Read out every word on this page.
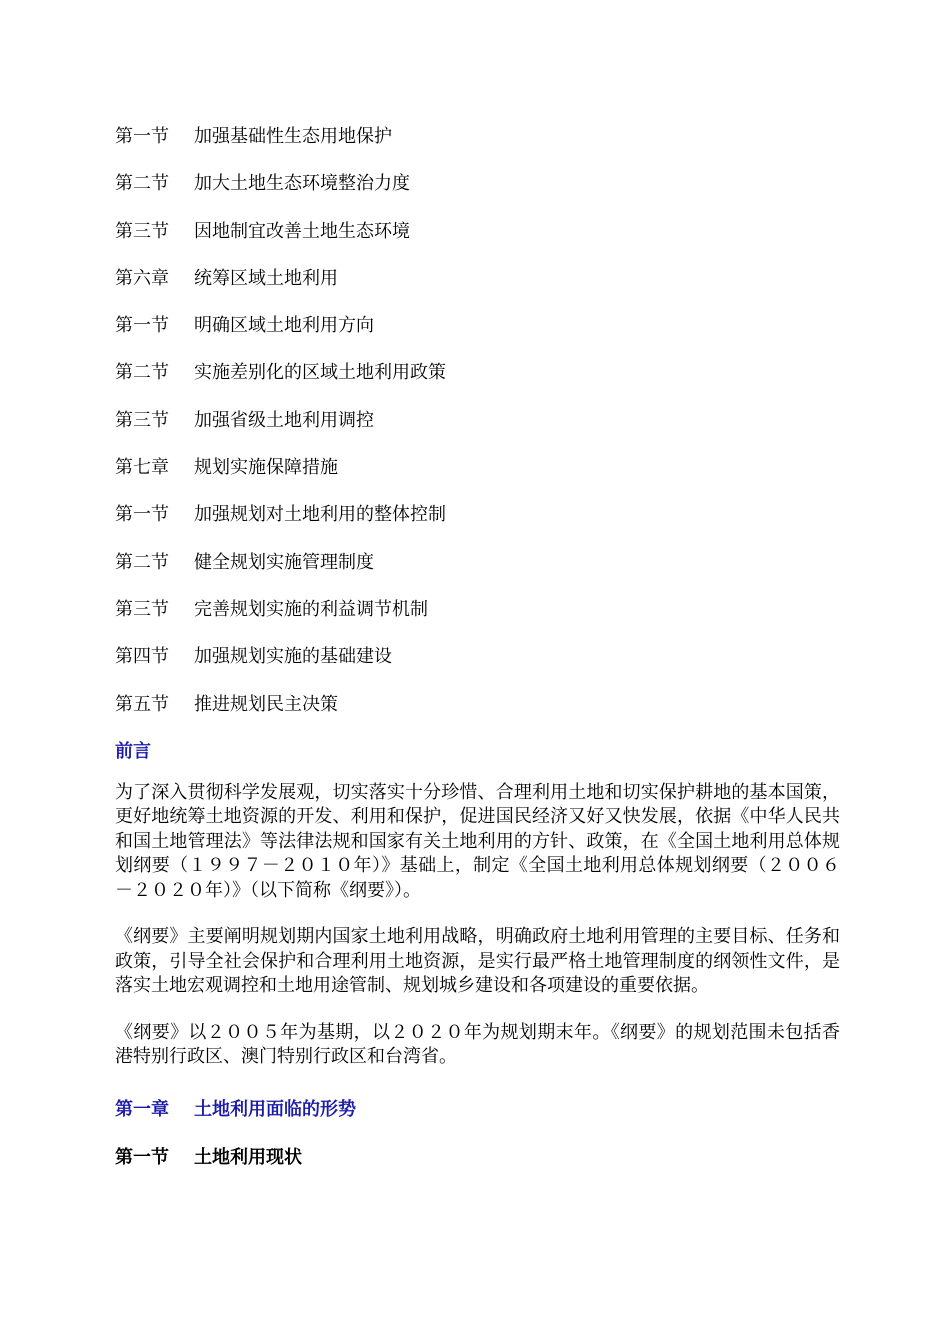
第一节 加强基础性生态用地保护
第二节 加大土地生态环境整治力度
第三节 因地制宜改善土地生态环境
第六章 统筹区域土地利用
第一节 明确区域土地利用方向
第二节 实施差别化的区域土地利用政策
第三节 加强省级土地利用调控
第七章 规划实施保障措施
第一节 加强规划对土地利用的整体控制
第二节 健全规划实施管理制度
第三节 完善规划实施的利益调节机制
第四节 加强规划实施的基础建设
第五节 推进规划民主决策
前言

为了深入贯彻科学发展观，切实落实十分珍惜、合理利用土地和切实保护耕地的基本国策，更好地统筹土地资源的开发、利用和保护，促进国民经济又好又快发展，依据《中华人民共和国土地管理法》等法律法规和国家有关土地利用的方针、政策，在《全国土地利用总体规划纲要（１９９７－２０１０年）》基础上，制定《全国土地利用总体规划纲要（２００６－２０２０年）》（以下简称《纲要》）。

《纲要》主要阐明规划期内国家土地利用战略，明确政府土地利用管理的主要目标、任务和政策，引导全社会保护和合理利用土地资源，是实行最严格土地管理制度的纲领性文件，是落实土地宏观调控和土地用途管制、规划城乡建设和各项建设的重要依据。

《纲要》以２００５年为基期，以２０２０年为规划期末年。《纲要》的规划范围未包括香港特别行政区、澳门特别行政区和台湾省。

第一章 土地利用面临的形势
第一节 土地利用现状
